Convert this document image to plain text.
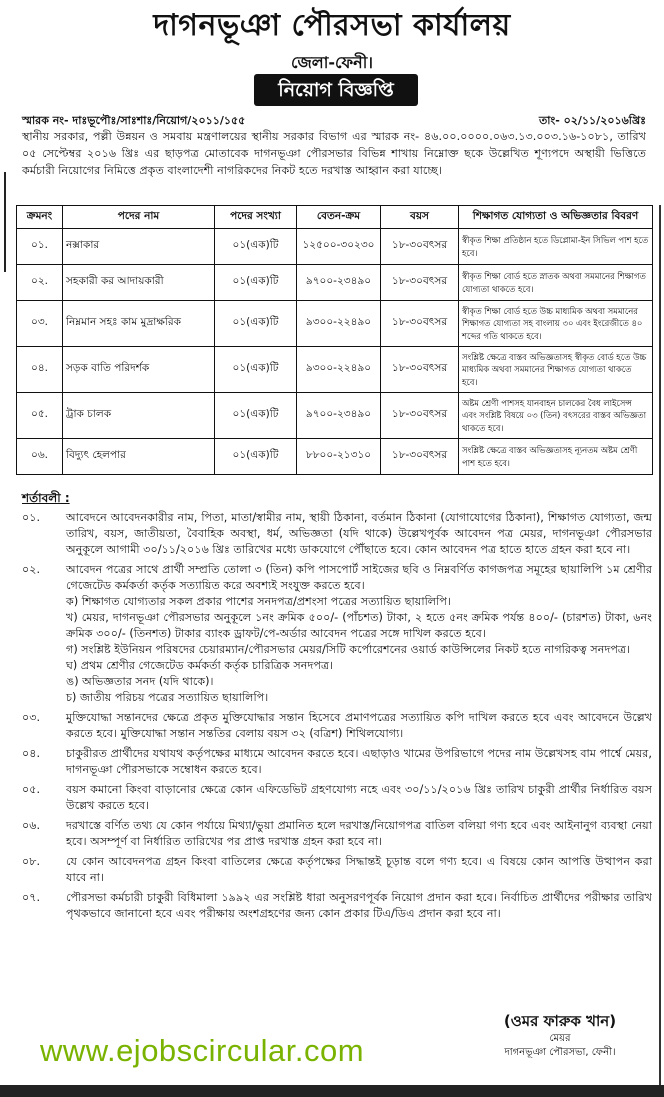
দাগনভূঞা পৌরসভা কার্যালয়
জেলা-ফেনী।
নিয়োগ বিজ্ঞপ্তি
স্মারক নং- দাঃভূপৌঃ/সাঃশাঃ/নিয়োগ/২০১১/১৫৫	তাং- ০২/১১/২০১৬খ্রিঃ
স্থানীয় সরকার, পল্লী উন্নয়ন ও সমবায় মন্ত্রণালয়ের স্থানীয় সরকার বিভাগ এর স্মারক নং- ৪৬.০০.০০০০.০৬৩.১৩.০০৩.১৬-১০৮১, তারিখ ০৫ সেপ্টেম্বর ২০১৬ খ্রিঃ এর ছাড়পত্র মোতাবেক দাগনভূঞা পৌরসভার বিভিন্ন শাখায় নিম্নোক্ত ছকে উল্লেখিত শূণ্যপদে অস্থায়ী ভিত্তিতে কর্মচারী নিয়োগের নিমিত্তে প্রকৃত বাংলাদেশী নাগরিকদের নিকট হতে দরখাস্ত আহ্বান করা যাচ্ছে।
ক্রমনং	পদের নাম	পদের সংখ্যা	বেতন-ক্রম	বয়স	শিক্ষাগত যোগ্যতা ও অভিজ্ঞতার বিবরণ
০১.	নক্সাকার	০১(এক)টি	১২৫০০-৩০২৩০	১৮-৩০বৎসর	স্বীকৃত শিক্ষা প্রতিষ্ঠান হতে ডিপ্লোমা-ইন সিভিল পাশ হতে হবে।
০২.	সহকারী কর আদায়কারী	০১(এক)টি	৯৭০০-২৩৪৯০	১৮-৩০বৎসর	স্বীকৃত শিক্ষা বোর্ড হতে স্নাতক অথবা সমমানের শিক্ষাগত যোগ্যতা থাকতে হবে।
০৩.	নিম্নমান সহঃ কাম মুদ্রাক্ষরিক	০১(এক)টি	৯৩০০-২২৪৯০	১৮-৩০বৎসর	স্বীকৃত শিক্ষা বোর্ড হতে উচ্চ মাধ্যমিক অথবা সমমানের শিক্ষাগত যোগ্যতা সহ বাংলায় ৩০ এবং ইংরেজীতে ৪০ শব্দের গতি থাকতে হবে।
০৪.	সড়ক বাতি পরিদর্শক	০১(এক)টি	৯৩০০-২২৪৯০	১৮-৩০বৎসর	সংশ্লিষ্ট ক্ষেত্রে বাস্তব অভিজ্ঞতাসহ স্বীকৃত বোর্ড হতে উচ্চ মাধ্যমিক অথবা সমমানের শিক্ষাগত যোগ্যতা থাকতে হবে।
০৫.	ট্রাক চালক	০১(এক)টি	৯৭০০-২৩৪৯০	১৮-৩০বৎসর	অষ্টম শ্রেণী পাশসহ যানবাহন চালকের বৈধ লাইসেন্স এবং সংশ্লিষ্ট বিষয়ে ০৩ (তিন) বৎসরের বাস্তব অভিজ্ঞতা থাকতে হবে।
০৬.	বিদ্যুৎ হেলপার	০১(এক)টি	৮৮০০-২১৩১০	১৮-৩০বৎসর	সংশ্লিষ্ট ক্ষেত্রে বাস্তব অভিজ্ঞতাসহ ন্যূনতম অষ্টম শ্রেণী পাশ হতে হবে।
শর্তাবলী :
০১.	আবেদনে আবেদনকারীর নাম, পিতা, মাতা/স্বামীর নাম, স্থায়ী ঠিকানা, বর্তমান ঠিকানা (যোগাযোগের ঠিকানা), শিক্ষাগত যোগ্যতা, জন্ম তারিখ, বয়স, জাতীয়তা, বৈবাহিক অবস্থা, ধর্ম, অভিজ্ঞতা (যদি থাকে) উল্লেখপূর্বক আবেদন পত্র মেয়র, দাগনভূঞা পৌরসভার অনুকূলে আগামী ৩০/১১/২০১৬ খ্রিঃ তারিখের মধ্যে ডাকযোগে পৌঁছাতে হবে। কোন আবেদন পত্র হাতে হাতে গ্রহন করা হবে না।
০২.	আবেদন পত্রের সাথে প্রার্থী সম্প্রতি তোলা ৩ (তিন) কপি পাসপোর্ট সাইজের ছবি ও নিম্নবর্ণিত কাগজপত্র সমূহের ছায়ালিপি ১ম শ্রেণীর গেজেটেড কর্মকর্তা কর্তৃক সত্যায়িত করে অবশ্যই সংযুক্ত করতে হবে।
ক) শিক্ষাগত যোগ্যতার সকল প্রকার পাশের সনদপত্র/প্রশংসা পত্রের সত্যায়িত ছায়ালিপি।
খ) মেয়র, দাগনভূঞা পৌরসভার অনুকূলে ১নং ক্রমিক ৫০০/- (পাঁচশত) টাকা, ২ হতে ৫নং ক্রমিক পর্যন্ত ৪০০/- (চারশত) টাকা, ৬নং ক্রমিক ৩০০/- (তিনশত) টাকার ব্যাংক ড্রাফট/পে-অর্ডার আবেদন পত্রের সঙ্গে দাখিল করতে হবে।
গ) সংশ্লিষ্ট ইউনিয়ন পরিষদের চেয়ারম্যান/পৌরসভার মেয়র/সিটি কর্পোরেশনের ওয়ার্ড কাউন্সিলের নিকট হতে নাগরিকত্ব সনদপত্র।
ঘ) প্রথম শ্রেণীর গেজেটেড কর্মকর্তা কর্তৃক চারিত্রিক সনদপত্র।
ঙ) অভিজ্ঞতার সনদ (যদি থাকে)।
চ) জাতীয় পরিচয় পত্রের সত্যায়িত ছায়ালিপি।
০৩.	মুক্তিযোদ্ধা সন্তানদের ক্ষেত্রে প্রকৃত মুক্তিযোদ্ধার সন্তান হিসেবে প্রমাণপত্রের সত্যায়িত কপি দাখিল করতে হবে এবং আবেদনে উল্লেখ করতে হবে। মুক্তিযোদ্ধা সন্তান সন্ততির বেলায় বয়স ৩২ (বত্রিশ) শিথিলযোগ্য।
০৪.	চাকুরীরত প্রার্থীদের যথাযথ কর্তৃপক্ষের মাধ্যমে আবেদন করতে হবে। এছাড়াও খামের উপরিভাগে পদের নাম উল্লেখসহ বাম পার্শ্বে মেয়র, দাগনভূঞা পৌরসভাকে সম্বোধন করতে হবে।
০৫.	বয়স কমানো কিংবা বাড়ানোর ক্ষেত্রে কোন এফিডেভিট গ্রহণযোগ্য নহে এবং ৩০/১১/২০১৬ খ্রিঃ তারিখ চাকুরী প্রার্থীর নির্ধারিত বয়স উল্লেখ করতে হবে।
০৬.	দরখাস্তে বর্ণিত তথ্য যে কোন পর্যায়ে মিথ্যা/ভুয়া প্রমানিত হলে দরখাস্ত/নিয়োগপত্র বাতিল বলিয়া গণ্য হবে এবং আইনানুগ ব্যবস্থা নেয়া হবে। অসম্পূর্ণ বা নির্ধারিত তারিখের পর প্রাপ্ত দরখাস্ত গ্রহন করা হবে না।
০৮.	যে কোন আবেদনপত্র গ্রহন কিংবা বাতিলের ক্ষেত্রে কর্তৃপক্ষের সিদ্ধান্তই চূড়ান্ত বলে গণ্য হবে। এ বিষয়ে কোন আপত্তি উত্থাপন করা যাবে না।
০৭.	পৌরসভা কর্মচারী চাকুরী বিধিমালা ১৯৯২ এর সংশ্লিষ্ট ধারা অনুসরণপূর্বক নিয়োগ প্রদান করা হবে। নির্বাচিত প্রার্থীদের পরীক্ষার তারিখ পৃথকভাবে জানানো হবে এবং পরীক্ষায় অংশগ্রহণের জন্য কোন প্রকার টিএ/ডিএ প্রদান করা হবে না।
(ওমর ফারুক খান)
মেয়র
দাগনভূঞা পৌরসভা, ফেনী।
www.ejobscircular.com
